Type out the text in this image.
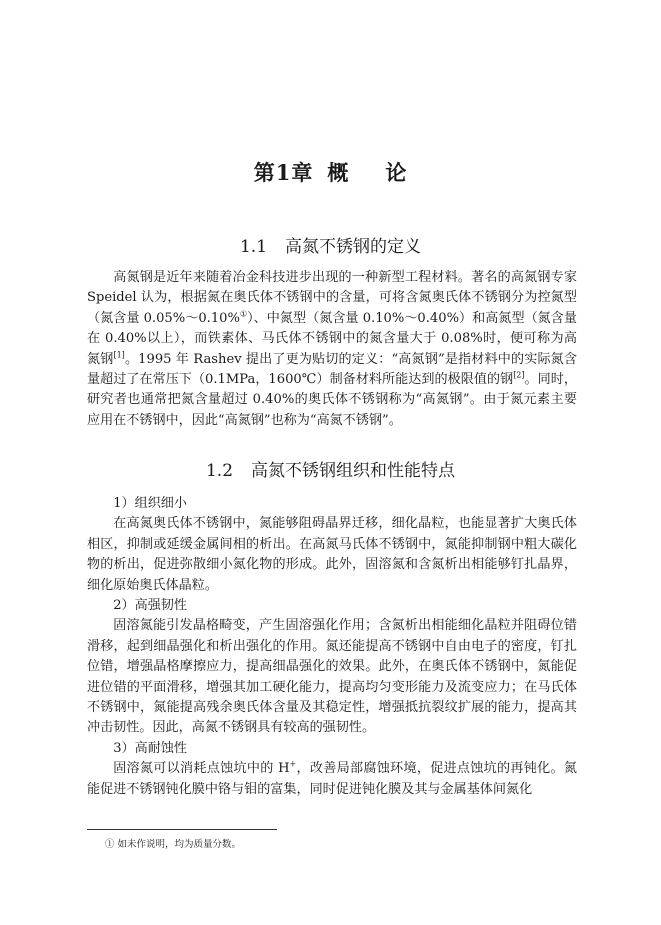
第1章 概 论
1.1 高氮不锈钢的定义

高氮钢是近年来随着冶金科技进步出现的一种新型工程材料。著名的高氮钢专家 Speidel 认为，根据氮在奥氏体不锈钢中的含量，可将含氮奥氏体不锈钢分为控氮型（氮含量 0.05%～0.10%①）、中氮型（氮含量 0.10%～0.40%）和高氮型（氮含量在 0.40%以上），而铁素体、马氏体不锈钢中的氮含量大于 0.08%时，便可称为高氮钢[1]。1995 年 Rashev 提出了更为贴切的定义：“高氮钢”是指材料中的实际氮含量超过了在常压下（0.1MPa，1600℃）制备材料所能达到的极限值的钢[2]。同时，研究者也通常把氮含量超过 0.40%的奥氏体不锈钢称为“高氮钢”。由于氮元素主要应用在不锈钢中，因此“高氮钢”也称为“高氮不锈钢”。

1.2 高氮不锈钢组织和性能特点
1）组织细小

在高氮奥氏体不锈钢中，氮能够阻碍晶界迁移，细化晶粒，也能显著扩大奥氏体相区，抑制或延缓金属间相的析出。在高氮马氏体不锈钢中，氮能抑制钢中粗大碳化物的析出，促进弥散细小氮化物的形成。此外，固溶氮和含氮析出相能够钉扎晶界，细化原始奥氏体晶粒。

2）高强韧性

固溶氮能引发晶格畸变，产生固溶强化作用；含氮析出相能细化晶粒并阻碍位错滑移，起到细晶强化和析出强化的作用。氮还能提高不锈钢中自由电子的密度，钉扎位错，增强晶格摩擦应力，提高细晶强化的效果。此外，在奥氏体不锈钢中，氮能促进位错的平面滑移，增强其加工硬化能力，提高均匀变形能力及流变应力；在马氏体不锈钢中，氮能提高残余奥氏体含量及其稳定性，增强抵抗裂纹扩展的能力，提高其冲击韧性。因此，高氮不锈钢具有较高的强韧性。

3）高耐蚀性

固溶氮可以消耗点蚀坑中的 H+，改善局部腐蚀环境，促进点蚀坑的再钝化。氮能促进不锈钢钝化膜中铬与钼的富集，同时促进钝化膜及其与金属基体间氮化

① 如未作说明，均为质量分数。
